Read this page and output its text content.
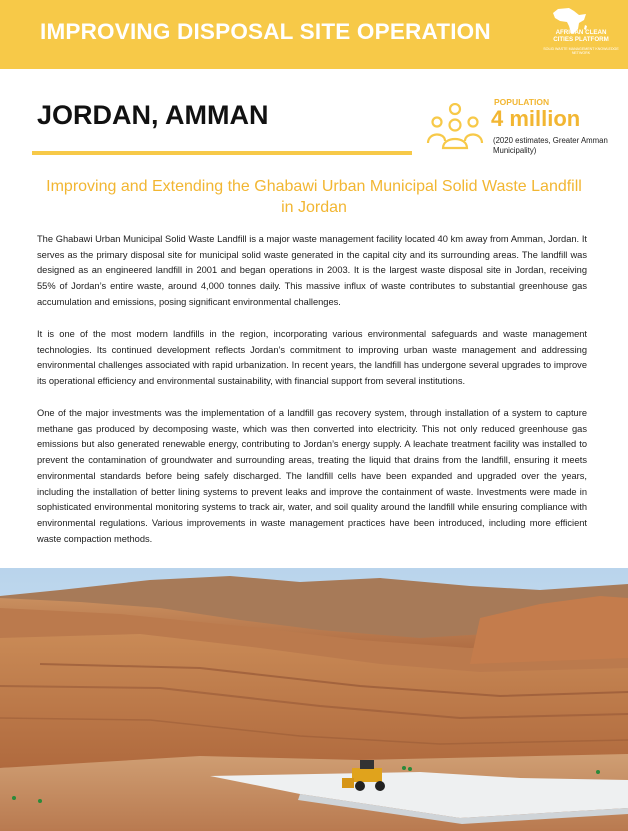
IMPROVING DISPOSAL SITE OPERATION	AFRICAN CLEAN
CITIES PLATFORM
SOLID WASTE MANAGEMENT KNOWLEDGE NETWORK
JORDAN, AMMAN	POPULATION
4 million
(2020 estimates, Greater Amman Municipality)
Improving and Extending the Ghabawi Urban Municipal Solid Waste Landfill in Jordan

The Ghabawi Urban Municipal Solid Waste Landfill is a major waste management facility located 40 km away from Amman, Jordan. It serves as the primary disposal site for municipal solid waste generated in the capital city and its surrounding areas. The landfill was designed as an engineered landfill in 2001 and began operations in 2003. It is the largest waste disposal site in Jordan, receiving 55% of Jordan’s entire waste, around 4,000 tonnes daily. This massive influx of waste contributes to substantial greenhouse gas accumulation and emissions, posing significant environmental challenges.

It is one of the most modern landfills in the region, incorporating various environmental safeguards and waste management technologies. Its continued development reflects Jordan’s commitment to improving urban waste management and addressing environmental challenges associated with rapid urbanization. In recent years, the landfill has undergone several upgrades to improve its operational efficiency and environmental sustainability, with financial support from several institutions.

One of the major investments was the implementation of a landfill gas recovery system, through installation of a system to capture methane gas produced by decomposing waste, which was then converted into electricity. This not only reduced greenhouse gas emissions but also generated renewable energy, contributing to Jordan’s energy supply. A leachate treatment facility was installed to prevent the contamination of groundwater and surrounding areas, treating the liquid that drains from the landfill, ensuring it meets environmental standards before being safely discharged. The landfill cells have been expanded and upgraded over the years, including the installation of better lining systems to prevent leaks and improve the containment of waste. Investments were made in sophisticated environmental monitoring systems to track air, water, and soil quality around the landfill while ensuring compliance with environmental regulations. Various improvements in waste management practices have been introduced, including more efficient waste compaction methods.
